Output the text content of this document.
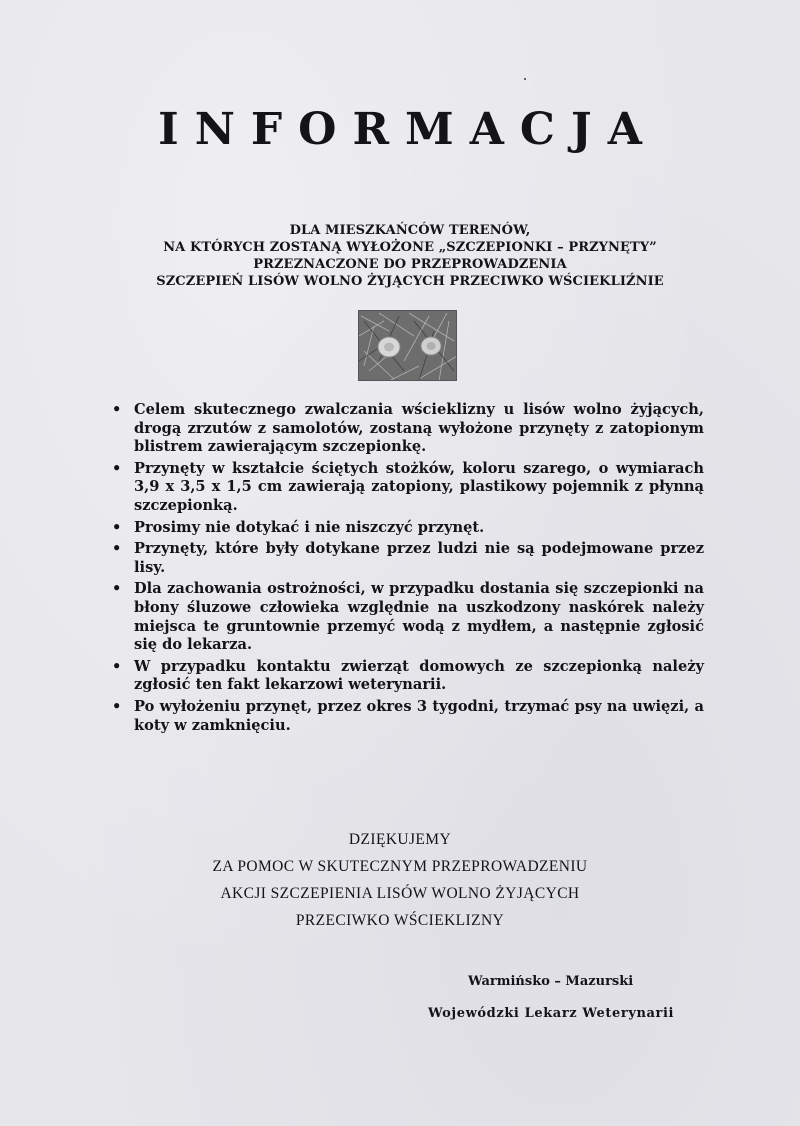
INFORMACJA
DLA MIESZKAŃCÓW TERENÓW,
NA KTÓRYCH ZOSTANĄ WYŁOŻONE „SZCZEPIONKI – PRZYNĘTY”
PRZEZNACZONE DO PRZEPROWADZENIA
SZCZEPIEŃ LISÓW WOLNO ŻYJĄCYCH PRZECIWKO WŚCIEKLIŹNIE
• Celem skutecznego zwalczania wścieklizny u lisów wolno żyjących, drogą zrzutów z samolotów, zostaną wyłożone przynęty z zatopionym blistrem zawierającym szczepionkę.
• Przynęty w kształcie ściętych stożków, koloru szarego, o wymiarach 3,9 x 3,5 x 1,5 cm zawierają zatopiony, plastikowy pojemnik z płynną szczepionką.
• Prosimy nie dotykać i nie niszczyć przynęt.
• Przynęty, które były dotykane przez ludzi nie są podejmowane przez lisy.
• Dla zachowania ostrożności, w przypadku dostania się szczepionki na błony śluzowe człowieka względnie na uszkodzony naskórek należy miejsca te gruntownie przemyć wodą z mydłem, a następnie zgłosić się do lekarza.
• W przypadku kontaktu zwierząt domowych ze szczepionką należy zgłosić ten fakt lekarzowi weterynarii.
• Po wyłożeniu przynęt, przez okres 3 tygodni, trzymać psy na uwięzi, a koty w zamknięciu.
DZIĘKUJEMY
ZA POMOC W SKUTECZNYM PRZEPROWADZENIU
AKCJI SZCZEPIENIA LISÓW WOLNO ŻYJĄCYCH
PRZECIWKO WŚCIEKLIZNY
Warmińsko – Mazurski
Wojewódzki Lekarz Weterynarii
